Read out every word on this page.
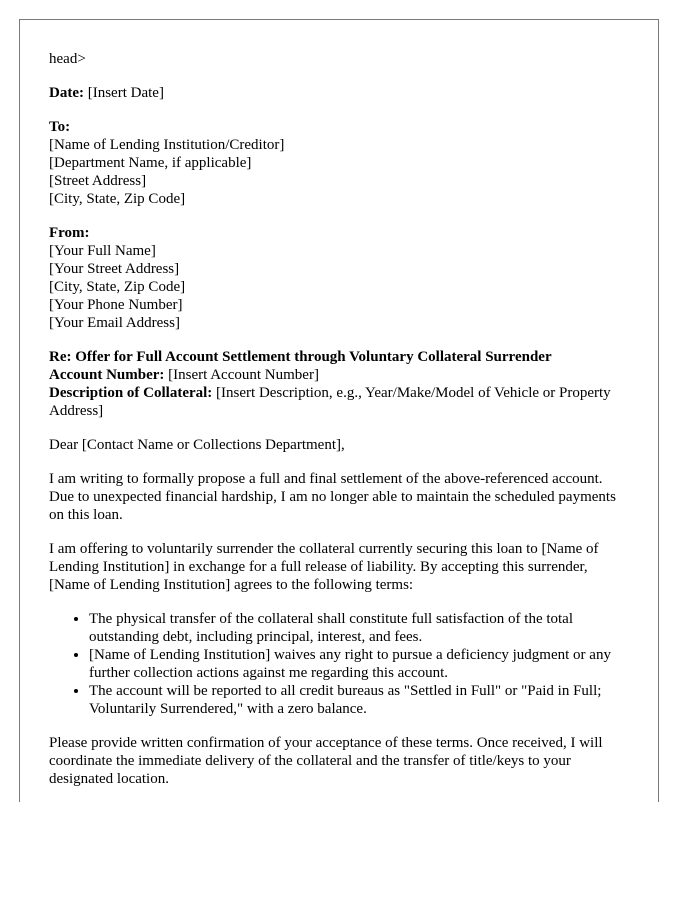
head>

Date: [Insert Date]

To:
[Name of Lending Institution/Creditor]
[Department Name, if applicable]
[Street Address]
[City, State, Zip Code]
From:
[Your Full Name]
[Your Street Address]
[City, State, Zip Code]
[Your Phone Number]
[Your Email Address]
Re: Offer for Full Account Settlement through Voluntary Collateral Surrender
Account Number: [Insert Account Number]
Description of Collateral: [Insert Description, e.g., Year/Make/Model of Vehicle or Property Address]

Dear [Contact Name or Collections Department],

I am writing to formally propose a full and final settlement of the above-referenced account. Due to unexpected financial hardship, I am no longer able to maintain the scheduled payments on this loan.

I am offering to voluntarily surrender the collateral currently securing this loan to [Name of Lending Institution] in exchange for a full release of liability. By accepting this surrender, [Name of Lending Institution] agrees to the following terms:

• The physical transfer of the collateral shall constitute full satisfaction of the total outstanding debt, including principal, interest, and fees.
• [Name of Lending Institution] waives any right to pursue a deficiency judgment or any further collection actions against me regarding this account.
• The account will be reported to all credit bureaus as "Settled in Full" or "Paid in Full; Voluntarily Surrendered," with a zero balance.

Please provide written confirmation of your acceptance of these terms. Once received, I will coordinate the immediate delivery of the collateral and the transfer of title/keys to your designated location.
